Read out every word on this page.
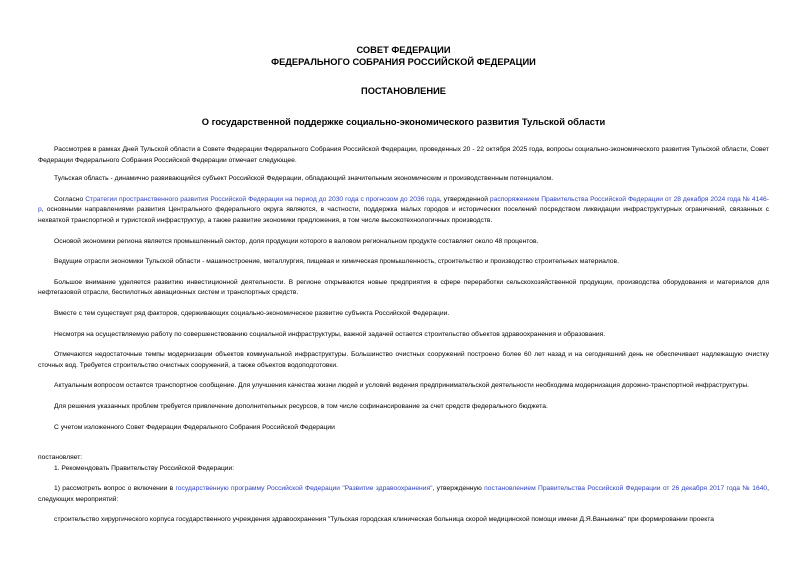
СОВЕТ ФЕДЕРАЦИИ
ФЕДЕРАЛЬНОГО СОБРАНИЯ РОССИЙСКОЙ ФЕДЕРАЦИИ
ПОСТАНОВЛЕНИЕ
О государственной поддержке социально-экономического развития Тульской области

Рассмотрев в рамках Дней Тульской области в Совете Федерации Федерального Собрания Российской Федерации, проведенных 20 - 22 октября 2025 года, вопросы социально-экономического развития Тульской области, Совет Федерации Федерального Собрания Российской Федерации отмечает следующее.

Тульская область - динамично развивающийся субъект Российской Федерации, обладающий значительным экономическим и производственным потенциалом.

Согласно Стратегии пространственного развития Российской Федерации на период до 2030 года с прогнозом до 2036 года, утвержденной распоряжением Правительства Российской Федерации от 28 декабря 2024 года № 4146-р, основными направлениями развития Центрального федерального округа являются, в частности, поддержка малых городов и исторических поселений посредством ликвидации инфраструктурных ограничений, связанных с нехваткой транспортной и туристской инфраструктур, а также развитие экономики предложения, в том числе высокотехнологичных производств.

Основой экономики региона является промышленный сектор, доля продукции которого в валовом региональном продукте составляет около 48 процентов.

Ведущие отрасли экономики Тульской области - машиностроение, металлургия, пищевая и химическая промышленность, строительство и производство строительных материалов.

Большое внимание уделяется развитию инвестиционной деятельности. В регионе открываются новые предприятия в сфере переработки сельскохозяйственной продукции, производства оборудования и материалов для нефтегазовой отрасли, беспилотных авиационных систем и транспортных средств.

Вместе с тем существует ряд факторов, сдерживающих социально-экономическое развитие субъекта Российской Федерации.

Несмотря на осуществляемую работу по совершенствованию социальной инфраструктуры, важной задачей остается строительство объектов здравоохранения и образования.

Отмечаются недостаточные темпы модернизации объектов коммунальной инфраструктуры. Большинство очистных сооружений построено более 60 лет назад и на сегодняшний день не обеспечивает надлежащую очистку сточных вод. Требуется строительство очистных сооружений, а также объектов водоподготовки.

Актуальным вопросом остается транспортное сообщение. Для улучшения качества жизни людей и условий ведения предпринимательской деятельности необходима модернизация дорожно-транспортной инфраструктуры.

Для решения указанных проблем требуется привлечение дополнительных ресурсов, в том числе софинансирование за счет средств федерального бюджета.

С учетом изложенного Совет Федерации Федерального Собрания Российской Федерации

постановляет:

1. Рекомендовать Правительству Российской Федерации:

1) рассмотреть вопрос о включении в государственную программу Российской Федерации "Развитие здравоохранения", утвержденную постановлением Правительства Российской Федерации от 26 декабря 2017 года № 1640, следующих мероприятий:

строительство хирургического корпуса государственного учреждения здравоохранения "Тульская городская клиническая больница скорой медицинской помощи имени Д.Я.Ваныкина" при формировании проекта
